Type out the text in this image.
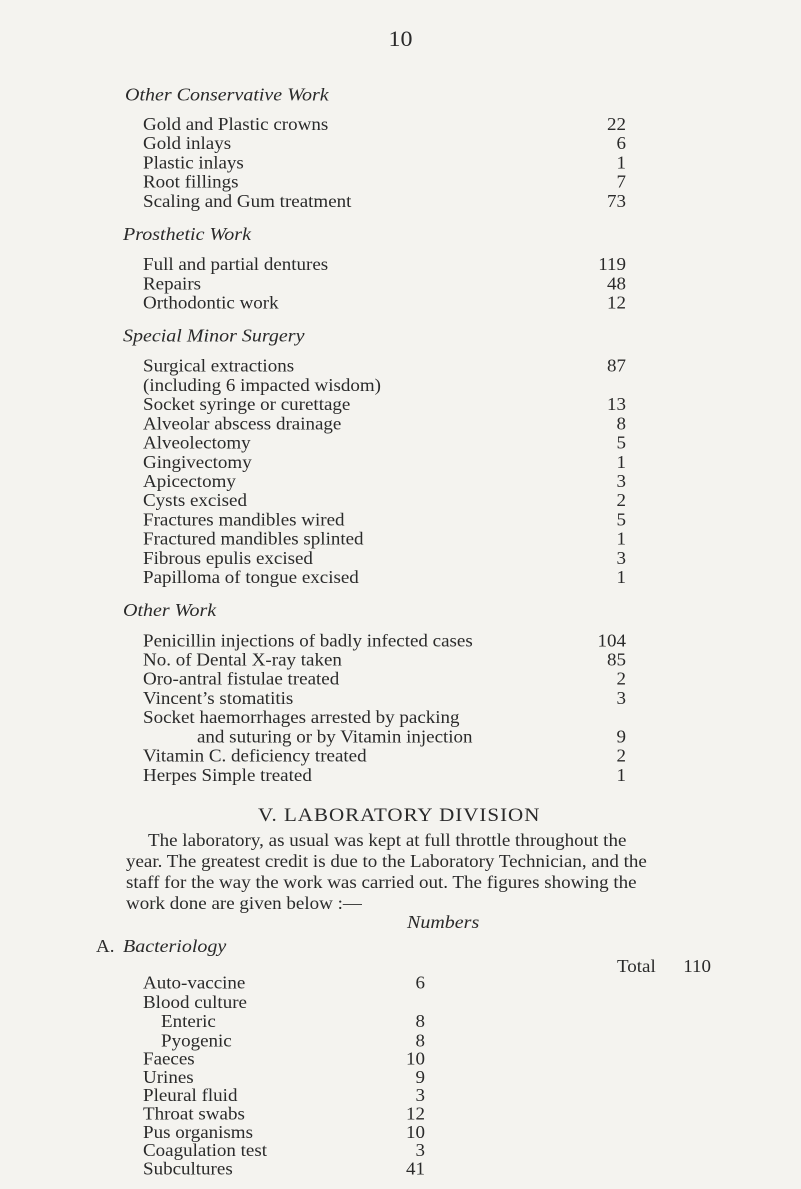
10
Other Conservative Work
Gold and Plastic crowns	22
Gold inlays	6
Plastic inlays	1
Root fillings	7
Scaling and Gum treatment	73
Prosthetic Work
Full and partial dentures	119
Repairs	48
Orthodontic work	12
Special Minor Surgery
Surgical extractions	87
(including 6 impacted wisdom)
Socket syringe or curettage	13
Alveolar abscess drainage	8
Alveolectomy	5
Gingivectomy	1
Apicectomy	3
Cysts excised	2
Fractures mandibles wired	5
Fractured mandibles splinted	1
Fibrous epulis excised	3
Papilloma of tongue excised	1
Other Work
Penicillin injections of badly infected cases	104
No. of Dental X-ray taken	85
Oro-antral fistulae treated	2
Vincent’s stomatitis	3
Socket haemorrhages arrested by packing
and suturing or by Vitamin injection	9
Vitamin C. deficiency treated	2
Herpes Simple treated	1
V. LABORATORY DIVISION
The laboratory, as usual was kept at full throttle throughout the
year. The greatest credit is due to the Laboratory Technician, and the
staff for the way the work was carried out. The figures showing the
work done are given below :—
Numbers
A. Bacteriology
Total	110
Auto-vaccine	6
Blood culture
Enteric	8
Pyogenic	8
Faeces	10
Urines	9
Pleural fluid	3
Throat swabs	12
Pus organisms	10
Coagulation test	3
Subcultures	41
